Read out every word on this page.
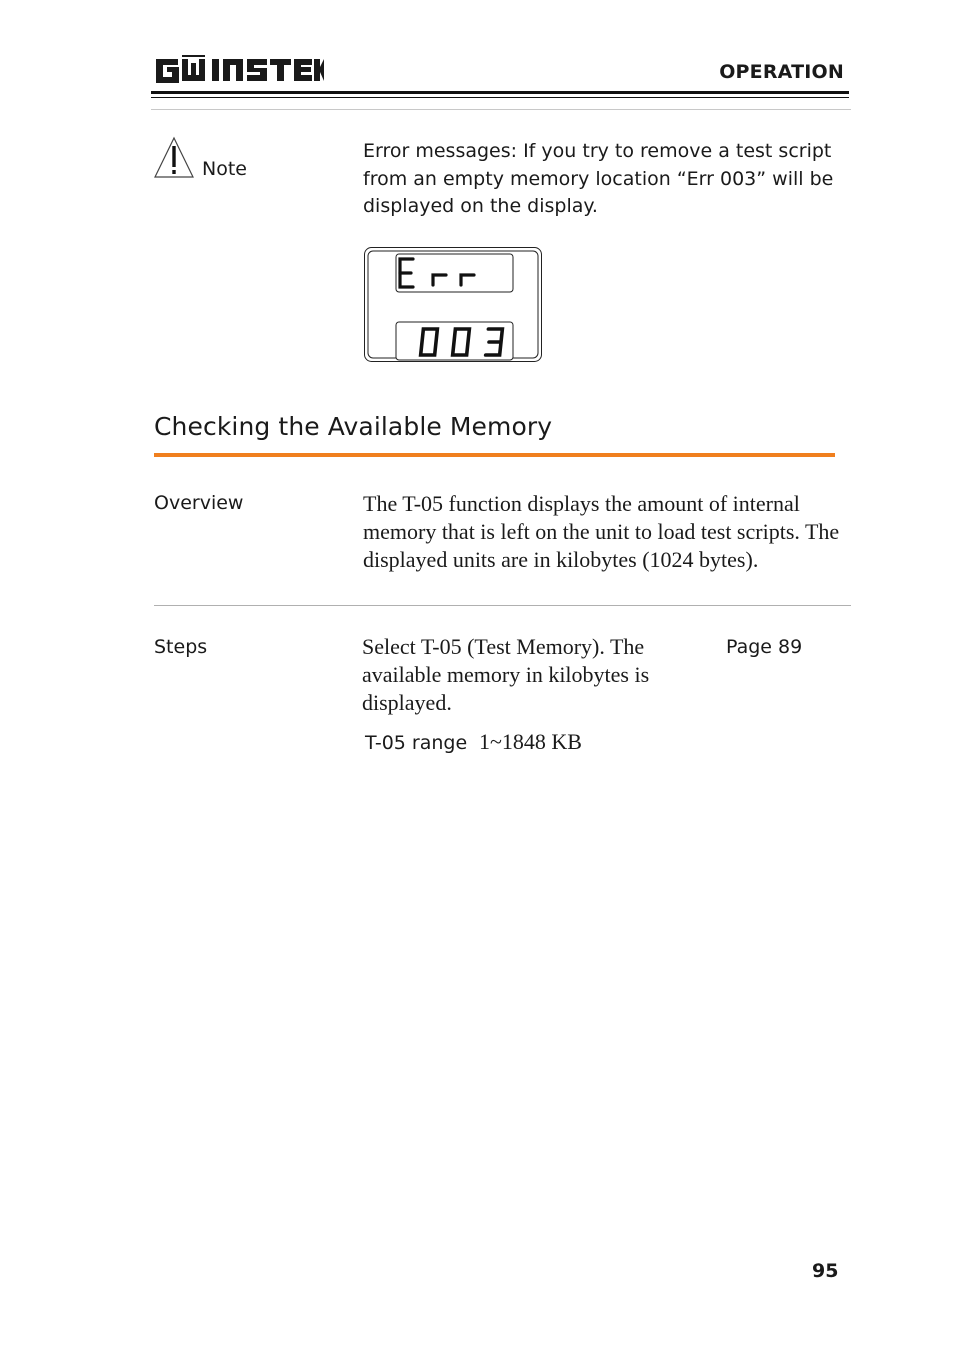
OPERATION
Note
Error messages: If you try to remove a test script from an empty memory location “Err 003” will be displayed on the display.
Checking the Available Memory
Overview	The T-05 function displays the amount of internal memory that is left on the unit to load test scripts. The displayed units are in kilobytes (1024 bytes).
Steps	Select T-05 (Test Memory). The available memory in kilobytes is displayed.
Page 89
T-05 range 1~1848 KB
95
